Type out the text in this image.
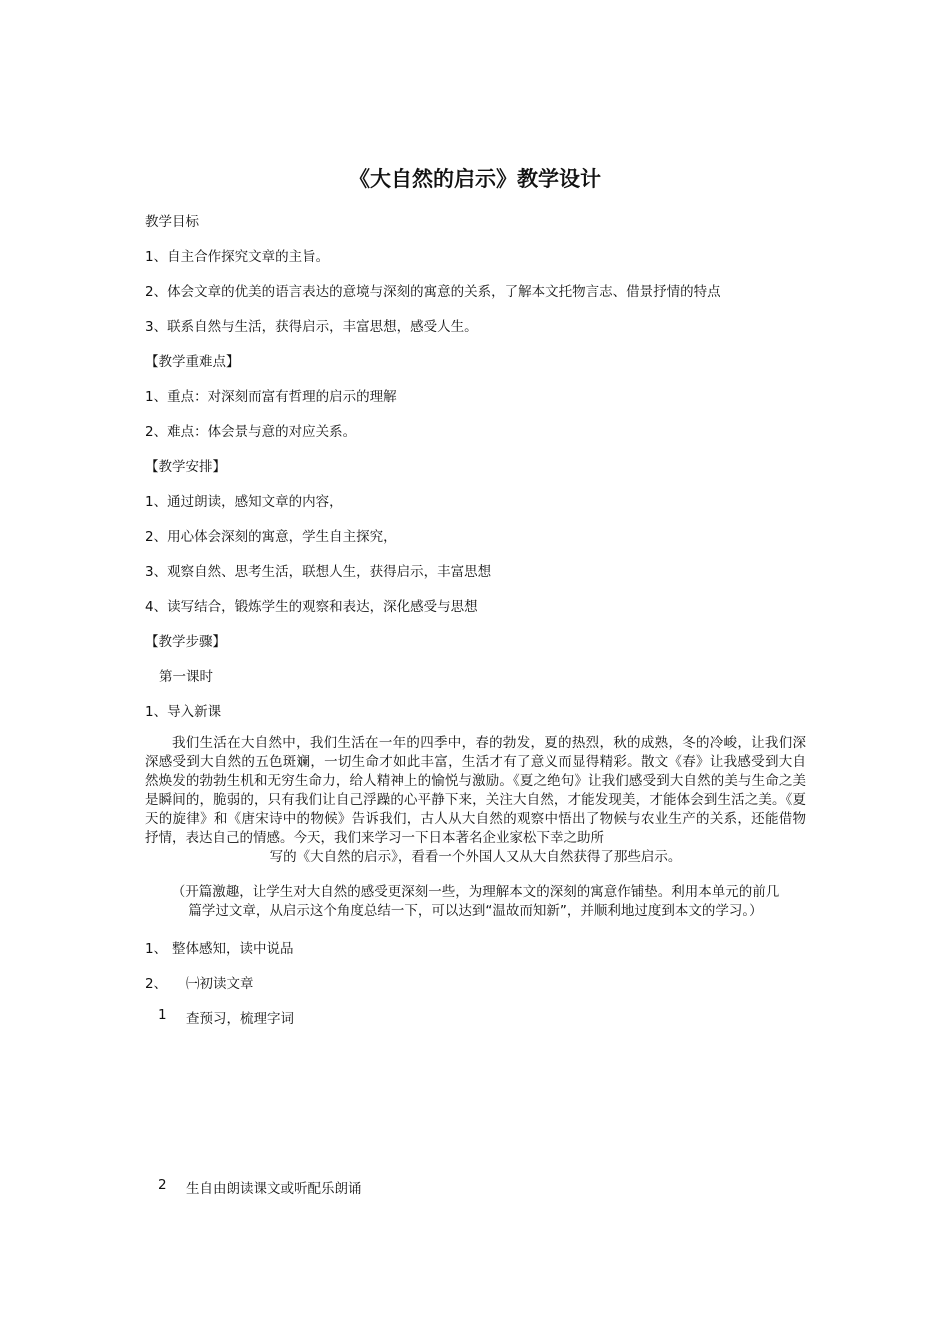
《大自然的启示》教学设计
教学目标
1、自主合作探究文章的主旨。
2、体会文章的优美的语言表达的意境与深刻的寓意的关系，了解本文托物言志、借景抒情的特点
3、联系自然与生活，获得启示，丰富思想，感受人生。
【教学重难点】
1、重点：对深刻而富有哲理的启示的理解
2、难点：体会景与意的对应关系。
【教学安排】
1、通过朗读，感知文章的内容，
2、用心体会深刻的寓意，学生自主探究，
3、观察自然、思考生活，联想人生，获得启示，丰富思想
4、读写结合，锻炼学生的观察和表达，深化感受与思想
【教学步骤】
第一课时
1、导入新课
我们生活在大自然中，我们生活在一年的四季中，春的勃发，夏的热烈，秋的成熟，冬的冷峻，让我们深深感受到大自然的五色斑斓，一切生命才如此丰富，生活才有了意义而显得精彩。散文《春》让我感受到大自然焕发的勃勃生机和无穷生命力，给人精神上的愉悦与激励。《夏之绝句》让我们感受到大自然的美与生命之美是瞬间的，脆弱的，只有我们让自己浮躁的心平静下来，关注大自然，才能发现美，才能体会到生活之美。《夏天的旋律》和《唐宋诗中的物候》告诉我们，古人从大自然的观察中悟出了物候与农业生产的关系，还能借物抒情，表达自己的情感。今天，我们来学习一下日本著名企业家松下幸之助所
写的《大自然的启示》，看看一个外国人又从大自然获得了那些启示。
（开篇激趣，让学生对大自然的感受更深刻一些，为理解本文的深刻的寓意作铺垫。利用本单元的前几
篇学过文章，从启示这个角度总结一下，可以达到“温故而知新”，并顺利地过度到本文的学习。）
1、 整体感知，读中说品
2、 ㈠初读文章
1 查预习，梳理字词
2 生自由朗读课文或听配乐朗诵
